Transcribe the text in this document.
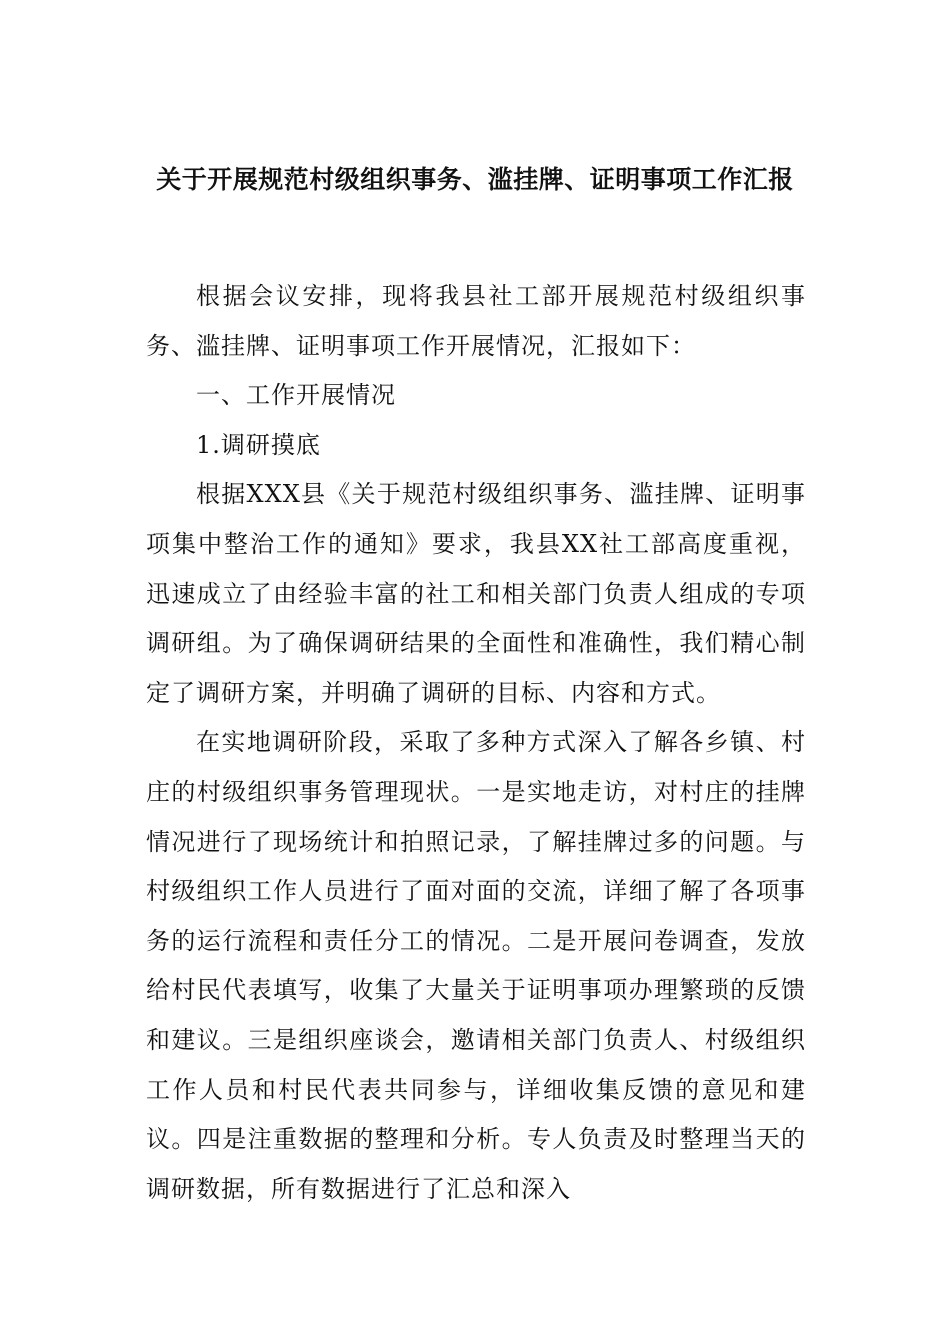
关于开展规范村级组织事务、滥挂牌、证明事项工作汇报

根据会议安排，现将我县社工部开展规范村级组织事务、滥挂牌、证明事项工作开展情况，汇报如下：

一、工作开展情况

1.调研摸底

根据XXX县《关于规范村级组织事务、滥挂牌、证明事项集中整治工作的通知》要求，我县XX社工部高度重视，迅速成立了由经验丰富的社工和相关部门负责人组成的专项调研组。为了确保调研结果的全面性和准确性，我们精心制定了调研方案，并明确了调研的目标、内容和方式。

在实地调研阶段，采取了多种方式深入了解各乡镇、村庄的村级组织事务管理现状。一是实地走访，对村庄的挂牌情况进行了现场统计和拍照记录，了解挂牌过多的问题。与村级组织工作人员进行了面对面的交流，详细了解了各项事务的运行流程和责任分工的情况。二是开展问卷调查，发放给村民代表填写，收集了大量关于证明事项办理繁琐的反馈和建议。三是组织座谈会，邀请相关部门负责人、村级组织工作人员和村民代表共同参与，详细收集反馈的意见和建议。四是注重数据的整理和分析。专人负责及时整理当天的调研数据，所有数据进行了汇总和深入
